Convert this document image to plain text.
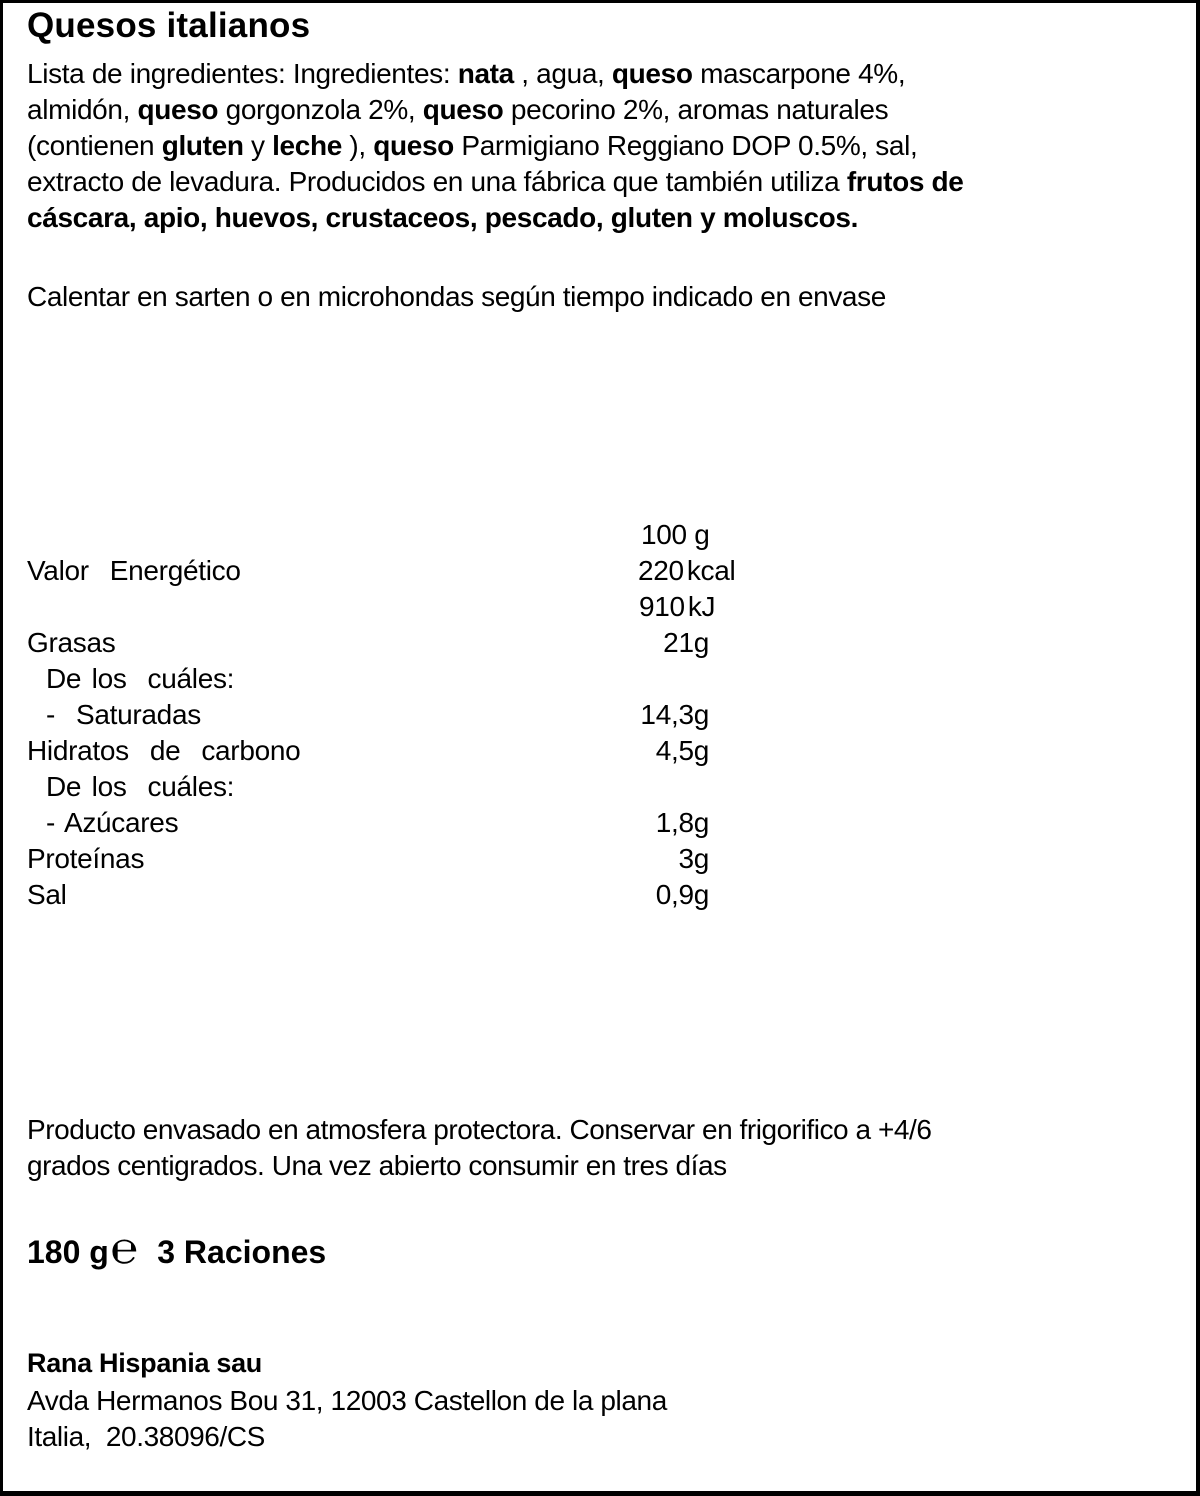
Quesos italianos
Lista de ingredientes: Ingredientes: nata , agua, queso mascarpone 4%,
almidón, queso gorgonzola 2%, queso pecorino 2%, aromas naturales
(contienen gluten y leche ), queso Parmigiano Reggiano DOP 0.5%, sal,
extracto de levadura. Producidos en una fábrica que también utiliza frutos de
cáscara, apio, huevos, crustaceos, pescado, gluten y moluscos.
Calentar en sarten o en microhondas según tiempo indicado en envase
100 g
Valor  Energético	220 kcal
910 kJ
Grasas	21g
De los  cuáles:
-  Saturadas	14,3g
Hidratos  de  carbono	4,5g
De los  cuáles:
- Azúcares	1,8g
Proteínas	3g
Sal	0,9g
Producto envasado en atmosfera protectora. Conservar en frigorifico a +4/6
grados centigrados. Una vez abierto consumir en tres días
180 g ℮ 3 Raciones
Rana Hispania sau
Avda Hermanos Bou 31, 12003 Castellon de la plana
Italia,  20.38096/CS
